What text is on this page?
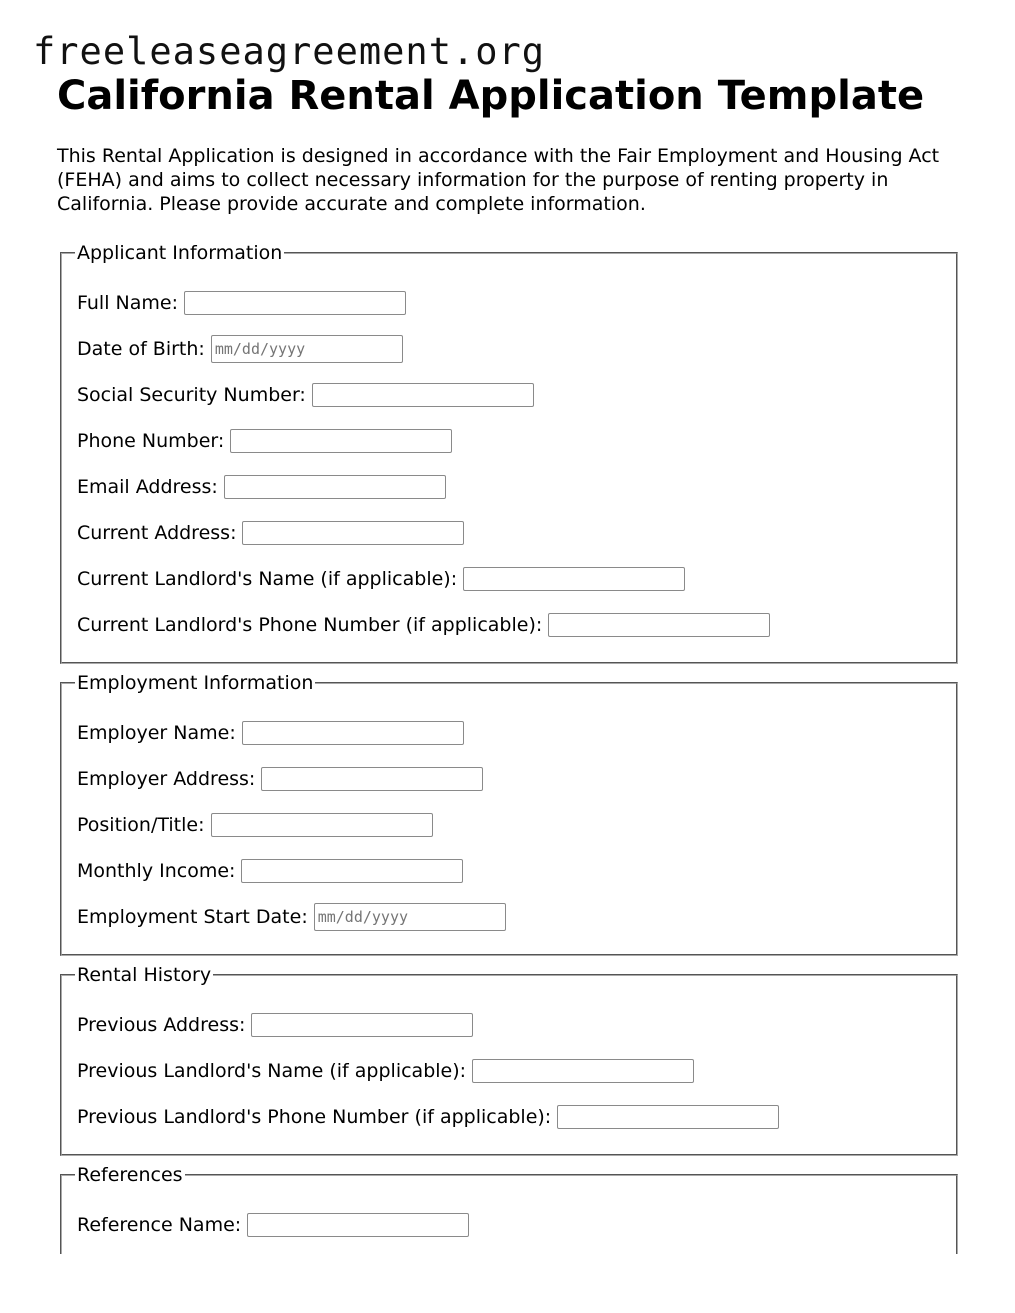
freeleaseagreement.org
California Rental Application Template

This Rental Application is designed in accordance with the Fair Employment and Housing Act (FEHA) and aims to collect necessary information for the purpose of renting property in California. Please provide accurate and complete information.

Applicant Information
Full Name:
Date of Birth:
mm/dd/yyyy
Social Security Number:
Phone Number:
Email Address:
Current Address:
Current Landlord's Name (if applicable):
Current Landlord's Phone Number (if applicable):
Employment Information
Employer Name:
Employer Address:
Position/Title:
Monthly Income:
Employment Start Date:
mm/dd/yyyy
Rental History
Previous Address:
Previous Landlord's Name (if applicable):
Previous Landlord's Phone Number (if applicable):
References
Reference Name:
